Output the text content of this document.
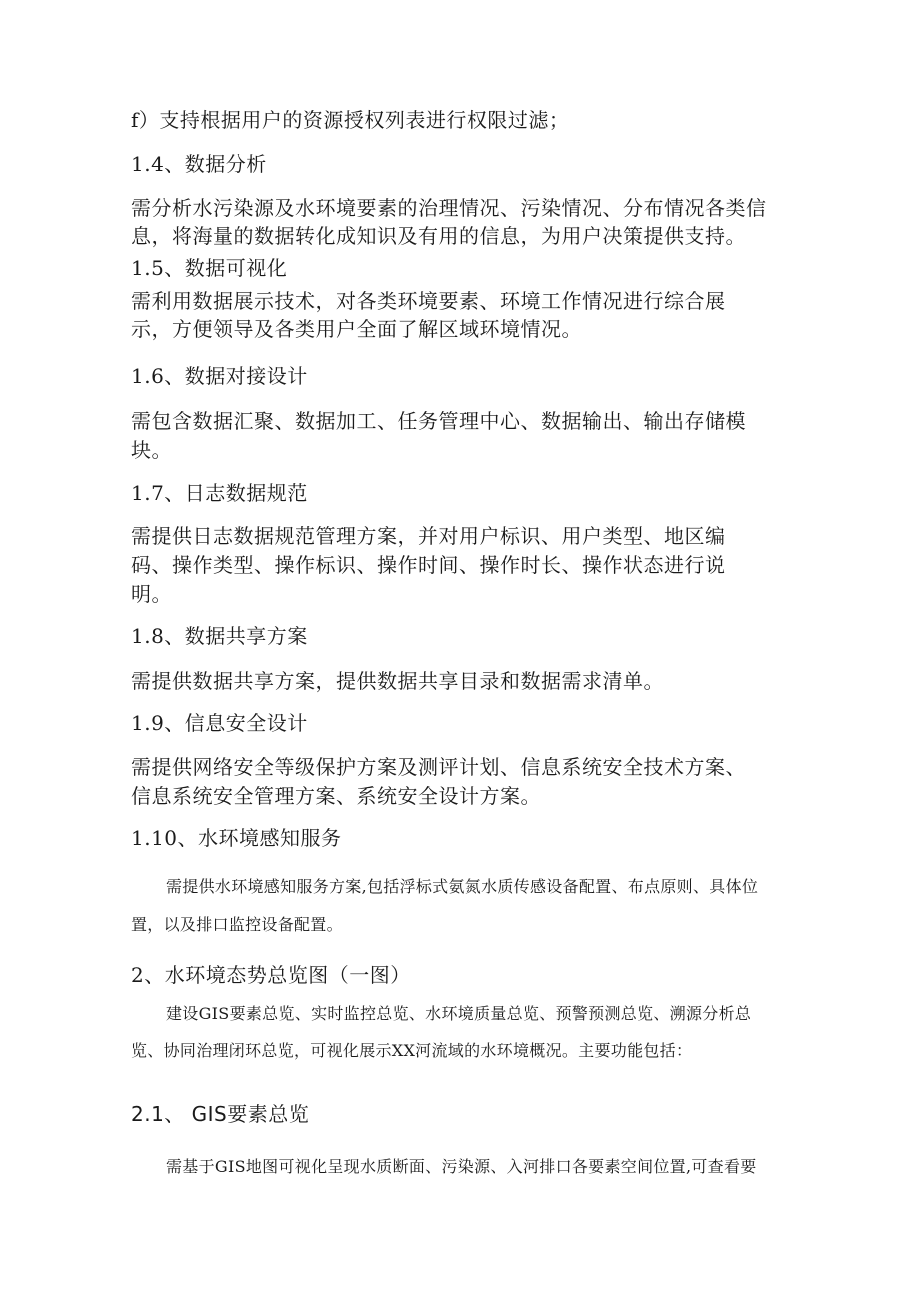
f）支持根据用户的资源授权列表进行权限过滤；
1.4、数据分析
需分析水污染源及水环境要素的治理情况、污染情况、分布情况各类信
息，将海量的数据转化成知识及有用的信息，为用户决策提供支持。
1.5、数据可视化
需利用数据展示技术，对各类环境要素、环境工作情况进行综合展
示，方便领导及各类用户全面了解区域环境情况。
1.6、数据对接设计
需包含数据汇聚、数据加工、任务管理中心、数据输出、输出存储模
块。
1.7、日志数据规范
需提供日志数据规范管理方案，并对用户标识、用户类型、地区编
码、操作类型、操作标识、操作时间、操作时长、操作状态进行说
明。
1.8、数据共享方案
需提供数据共享方案，提供数据共享目录和数据需求清单。
1.9、信息安全设计
需提供网络安全等级保护方案及测评计划、信息系统安全技术方案、
信息系统安全管理方案、系统安全设计方案。
1.10、水环境感知服务
需提供水环境感知服务方案,包括浮标式氨氮水质传感设备配置、布点原则、具体位
置，以及排口监控设备配置。
2、水环境态势总览图（一图）
建设GIS要素总览、实时监控总览、水环境质量总览、预警预测总览、溯源分析总
览、协同治理闭环总览，可视化展示XX河流域的水环境概况。主要功能包括：
2.1、 GIS要素总览
需基于GIS地图可视化呈现水质断面、污染源、入河排口各要素空间位置,可查看要
